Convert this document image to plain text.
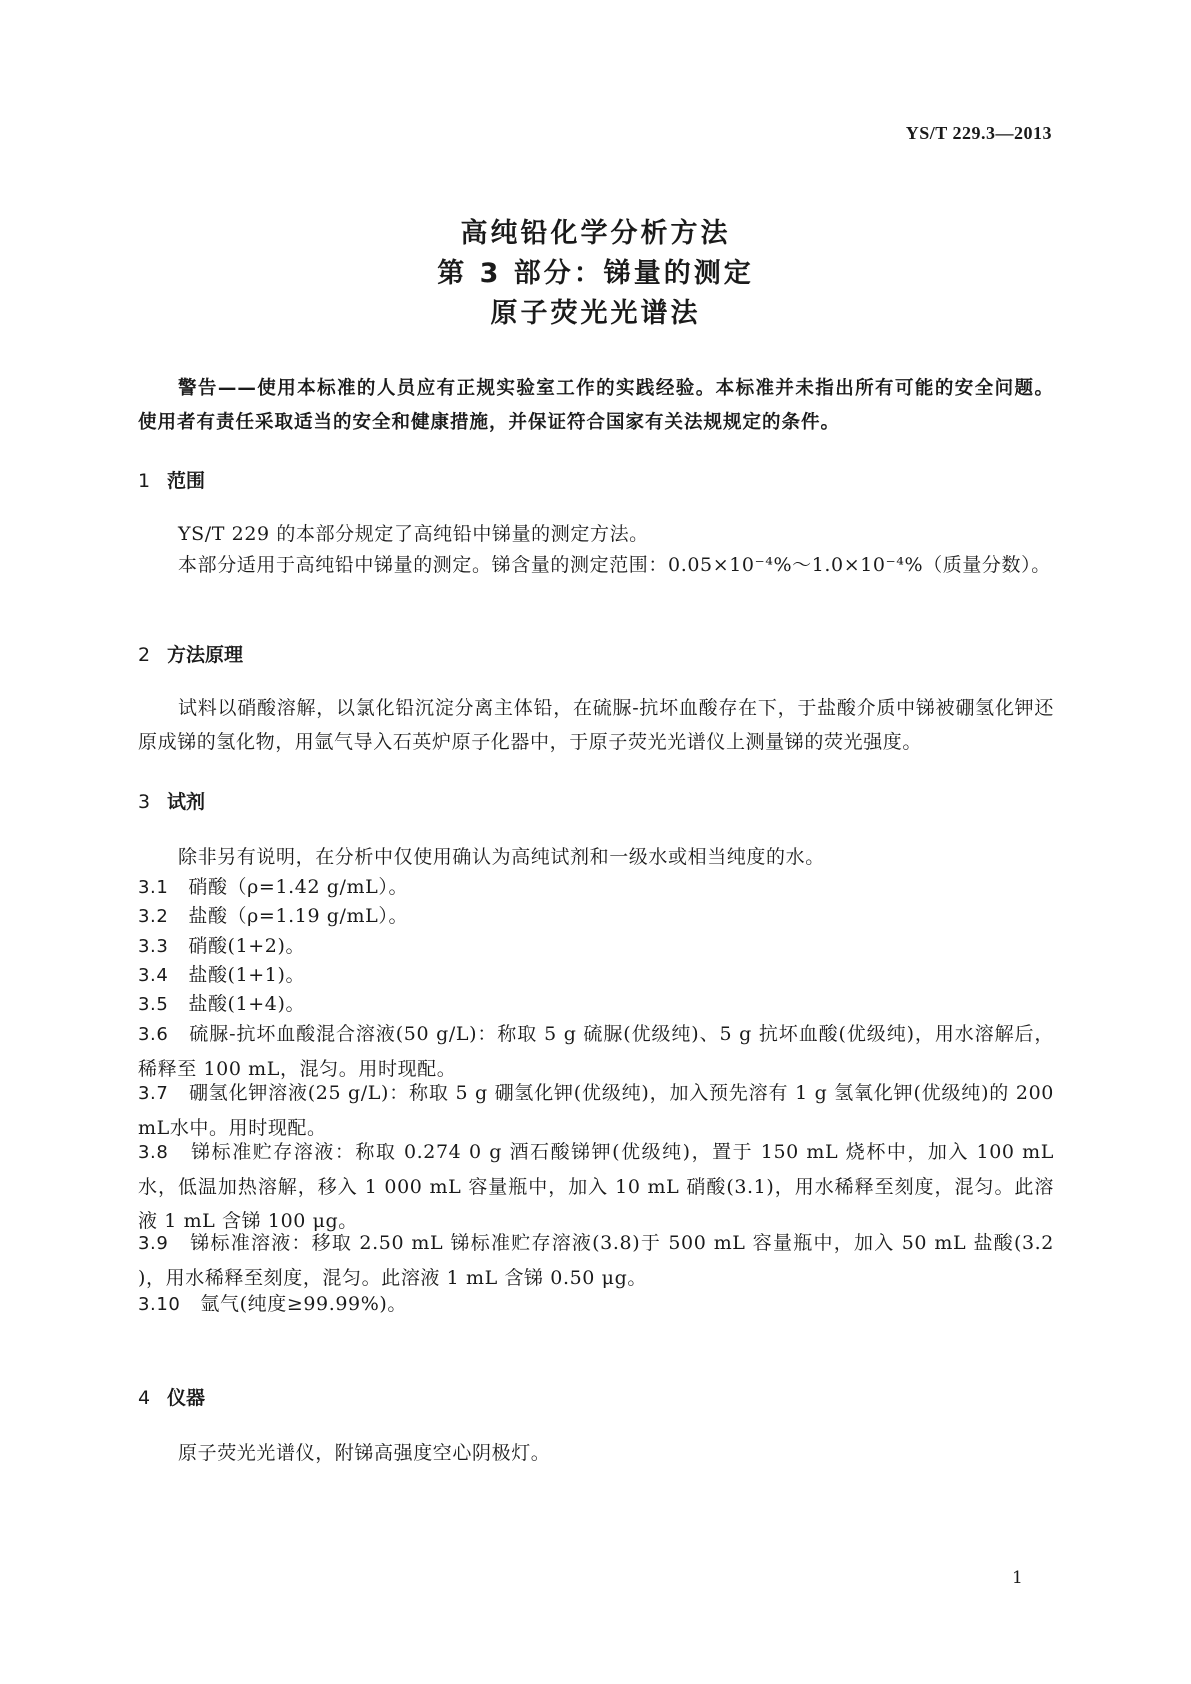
YS/T 229.3—2013
高纯铅化学分析方法
第 3 部分：锑量的测定
原子荧光光谱法
警告——使用本标准的人员应有正规实验室工作的实践经验。本标准并未指出所有可能的安全问题。使用者有责任采取适当的安全和健康措施，并保证符合国家有关法规规定的条件。
1 范围
YS/T 229 的本部分规定了高纯铅中锑量的测定方法。
本部分适用于高纯铅中锑量的测定。锑含量的测定范围：0.05×10⁻⁴%～1.0×10⁻⁴%（质量分数）。
2 方法原理
试料以硝酸溶解，以氯化铅沉淀分离主体铅，在硫脲-抗坏血酸存在下，于盐酸介质中锑被硼氢化钾还原成锑的氢化物，用氩气导入石英炉原子化器中，于原子荧光光谱仪上测量锑的荧光强度。
3 试剂
除非另有说明，在分析中仅使用确认为高纯试剂和一级水或相当纯度的水。
3.1 硝酸（ρ=1.42 g/mL）。
3.2 盐酸（ρ=1.19 g/mL）。
3.3 硝酸(1+2)。
3.4 盐酸(1+1)。
3.5 盐酸(1+4)。
3.6 硫脲-抗坏血酸混合溶液(50 g/L)：称取 5 g 硫脲(优级纯)、5 g 抗坏血酸(优级纯)，用水溶解后，稀释至 100 mL，混匀。用时现配。
3.7 硼氢化钾溶液(25 g/L)：称取 5 g 硼氢化钾(优级纯)，加入预先溶有 1 g 氢氧化钾(优级纯)的 200 mL水中。用时现配。
3.8 锑标准贮存溶液：称取 0.274 0 g 酒石酸锑钾(优级纯)，置于 150 mL 烧杯中，加入 100 mL 水，低温加热溶解，移入 1 000 mL 容量瓶中，加入 10 mL 硝酸(3.1)，用水稀释至刻度，混匀。此溶液 1 mL 含锑 100 μg。
3.9 锑标准溶液：移取 2.50 mL 锑标准贮存溶液(3.8)于 500 mL 容量瓶中，加入 50 mL 盐酸(3.2 )，用水稀释至刻度，混匀。此溶液 1 mL 含锑 0.50 μg。
3.10 氩气(纯度≥99.99%)。
4 仪器
原子荧光光谱仪，附锑高强度空心阴极灯。
1
